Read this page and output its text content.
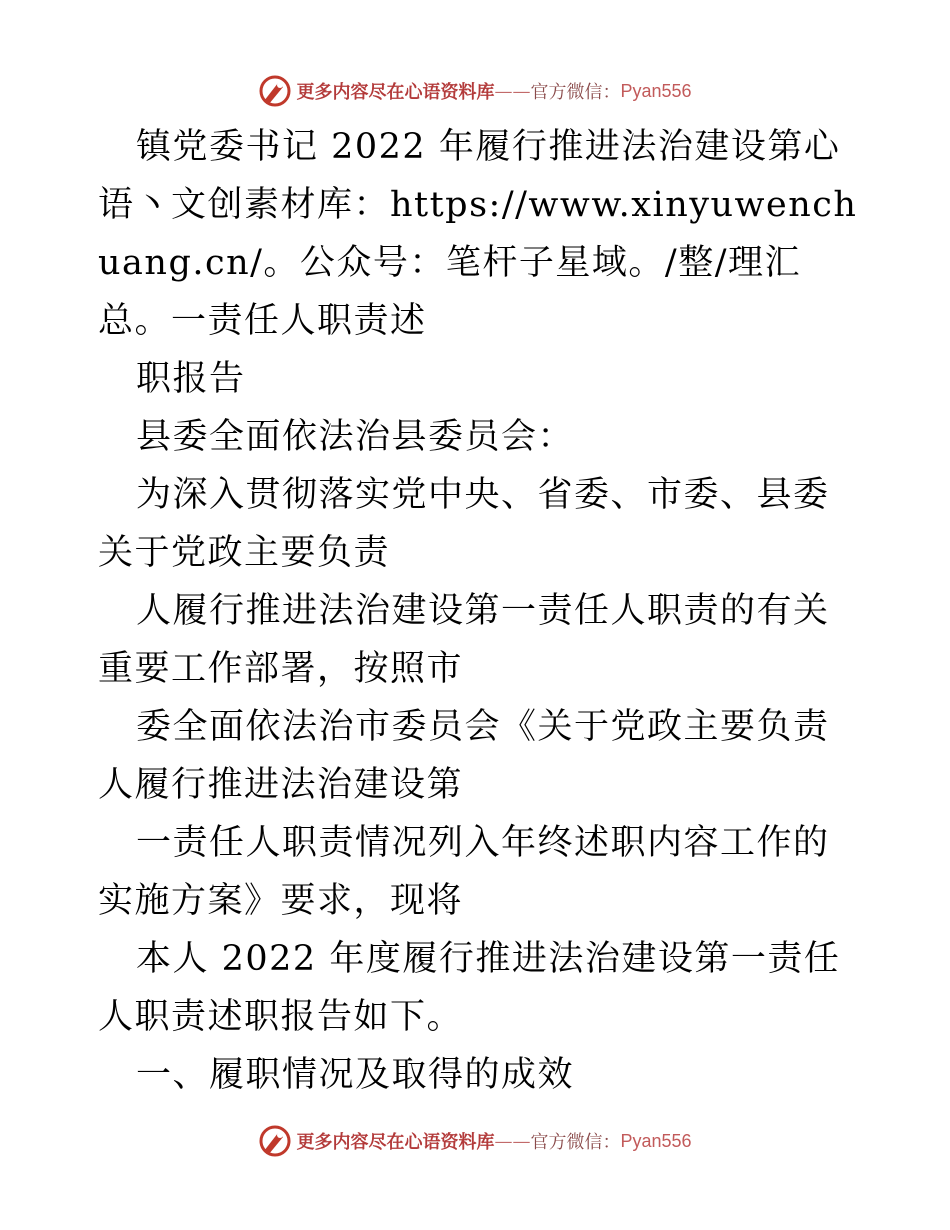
更多内容尽在心语资料库 —— 官方微信： Pyan556

镇党委书记 2022 年履行推进法治建设第心语丶文创素材库：https://www.xinyuwenchuang.cn/。公众号：笔杆子星域。/整/理汇总。一责任人职责述

职报告

县委全面依法治县委员会：

为深入贯彻落实党中央、省委、市委、县委关于党政主要负责

人履行推进法治建设第一责任人职责的有关重要工作部署，按照市

委全面依法治市委员会《关于党政主要负责人履行推进法治建设第

一责任人职责情况列入年终述职内容工作的实施方案》要求，现将

本人 2022 年度履行推进法治建设第一责任人职责述职报告如下。

一、履职情况及取得的成效

更多内容尽在心语资料库 —— 官方微信： Pyan556
